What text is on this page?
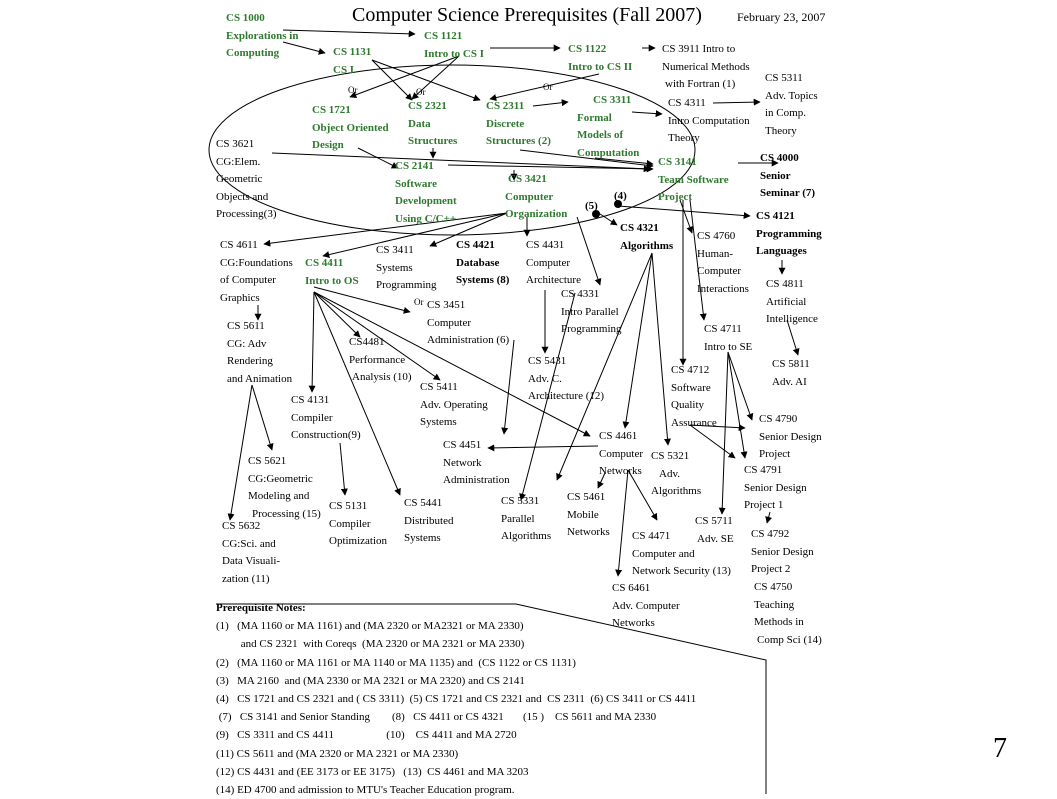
Computer Science Prerequisites (Fall 2007)	February 23, 2007
7
CS 1000
Explorations in
Computing
CS 1121
Intro to CS I	CS 1122
Intro to CS II
CS 1131
CS I
CS 3911 Intro to
Numerical Methods
with Fortran (1)	CS 5311
Adv. Topics
in Comp.
Theory
CS 1721
Object Oriented
Design
CS 2321
Data
Structures
CS 2311
Discrete
Structures (2)
CS 3311
Formal
Models of
Computation
CS 4311
Intro Computation
Theory
CS 3621
CG:Elem.
Geometric
Objects and
Processing(3)
CS 2141
Software
Development
Using C/C++
CS 3421
Computer
Organization
CS 3141
Team Software
Project
CS 4000
Senior
Seminar (7)
CS 4121
Programming
Languages
CS 4321
Algorithms
CS 4611
CG:Foundations
of Computer
Graphics
CS 4411
Intro to OS
CS 3411
Systems
Programming
CS 4421
Database
Systems (8)
CS 4431
Computer
Architecture
CS 4760
Human-
Computer
Interactions CS 4811
Artificial
Intelligence
CS 4331
Intro Parallel
Programming
CS 3451
Computer
Administration (6)
CS 5611
CG: Adv
Rendering
and Animation
CS4481
Performance
Analysis (10)
CS 4711
Intro to SE
CS 5811
Adv. AI
CS 5431
Adv. C.
Architecture (12)
CS 4712
Software
Quality
Assurance
CS 4131
Compiler
Construction(9)
CS 5411
Adv. Operating
Systems	CS 4790
Senior Design
Project
CS 4451
Network
Administration
CS 4461
Computer
Networks
CS 5321
Adv.
Algorithms
CS 4791
Senior Design
Project 1
CS 5621
CG:Geometric
Modeling and
Processing (15)
CS 5131
Compiler
Optimization
CS 5441
Distributed
Systems
CS 5331
Parallel
Algorithms
CS 5461
Mobile
Networks CS 4471
Computer and
Network Security (13)
CS 5711
Adv. SE CS 4792
Senior Design
Project 2
CS 5632
CG:Sci. and
Data Visuali-
zation (11)
CS 6461
Adv. Computer
Networks
CS 4750
Teaching
Methods in
Comp Sci (14)
Or	Or	Or
Or
(5)
(4)
Prerequisite Notes:
(1)   (MA 1160 or MA 1161) and (MA 2320 or MA2321 or MA 2330)
and CS 2321  with Coreqs  (MA 2320 or MA 2321 or MA 2330)
(2)   (MA 1160 or MA 1161 or MA 1140 or MA 1135) and  (CS 1122 or CS 1131)
(3)   MA 2160  and (MA 2330 or MA 2321 or MA 2320) and CS 2141
(4)   CS 1721 and CS 2321 and ( CS 3311)  (5) CS 1721 and CS 2321 and  CS 2311  (6) CS 3411 or CS 4411
(7)   CS 3141 and Senior Standing        (8)   CS 4411 or CS 4321       (15 )    CS 5611 and MA 2330
(9)   CS 3311 and CS 4411                   (10)    CS 4411 and MA 2720
(11) CS 5611 and (MA 2320 or MA 2321 or MA 2330)
(12) CS 4431 and (EE 3173 or EE 3175)   (13)  CS 4461 and MA 3203
(14) ED 4700 and admission to MTU's Teacher Education program.
